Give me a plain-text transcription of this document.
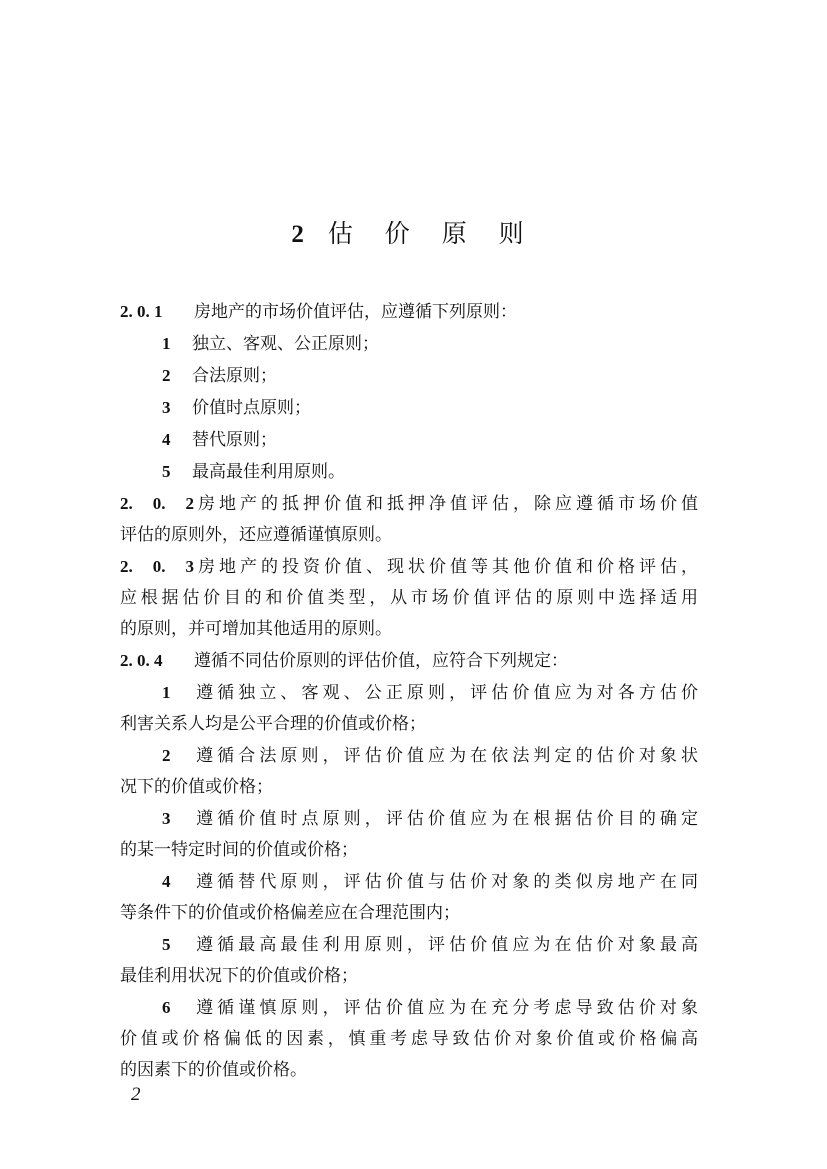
2 估 价 原 则
2. 0. 1 房地产的市场价值评估，应遵循下列原则：
1 独立、客观、公正原则；
2 合法原则；
3 价值时点原则；
4 替代原则；
5 最高最佳利用原则。
2. 0. 2房地产的抵押价值和抵押净值评估，除应遵循市场价值
评估的原则外，还应遵循谨慎原则。
2. 0. 3房地产的投资价值、现状价值等其他价值和价格评估，
应根据估价目的和价值类型，从市场价值评估的原则中选择适用
的原则，并可增加其他适用的原则。
2. 0. 4 遵循不同估价原则的评估价值，应符合下列规定：
1 遵循独立、客观、公正原则，评估价值应为对各方估价
利害关系人均是公平合理的价值或价格；
2 遵循合法原则，评估价值应为在依法判定的估价对象状
况下的价值或价格；
3 遵循价值时点原则，评估价值应为在根据估价目的确定
的某一特定时间的价值或价格；
4 遵循替代原则，评估价值与估价对象的类似房地产在同
等条件下的价值或价格偏差应在合理范围内；
5 遵循最高最佳利用原则，评估价值应为在估价对象最高
最佳利用状况下的价值或价格；
6 遵循谨慎原则，评估价值应为在充分考虑导致估价对象
价值或价格偏低的因素，慎重考虑导致估价对象价值或价格偏高
的因素下的价值或价格。
2
